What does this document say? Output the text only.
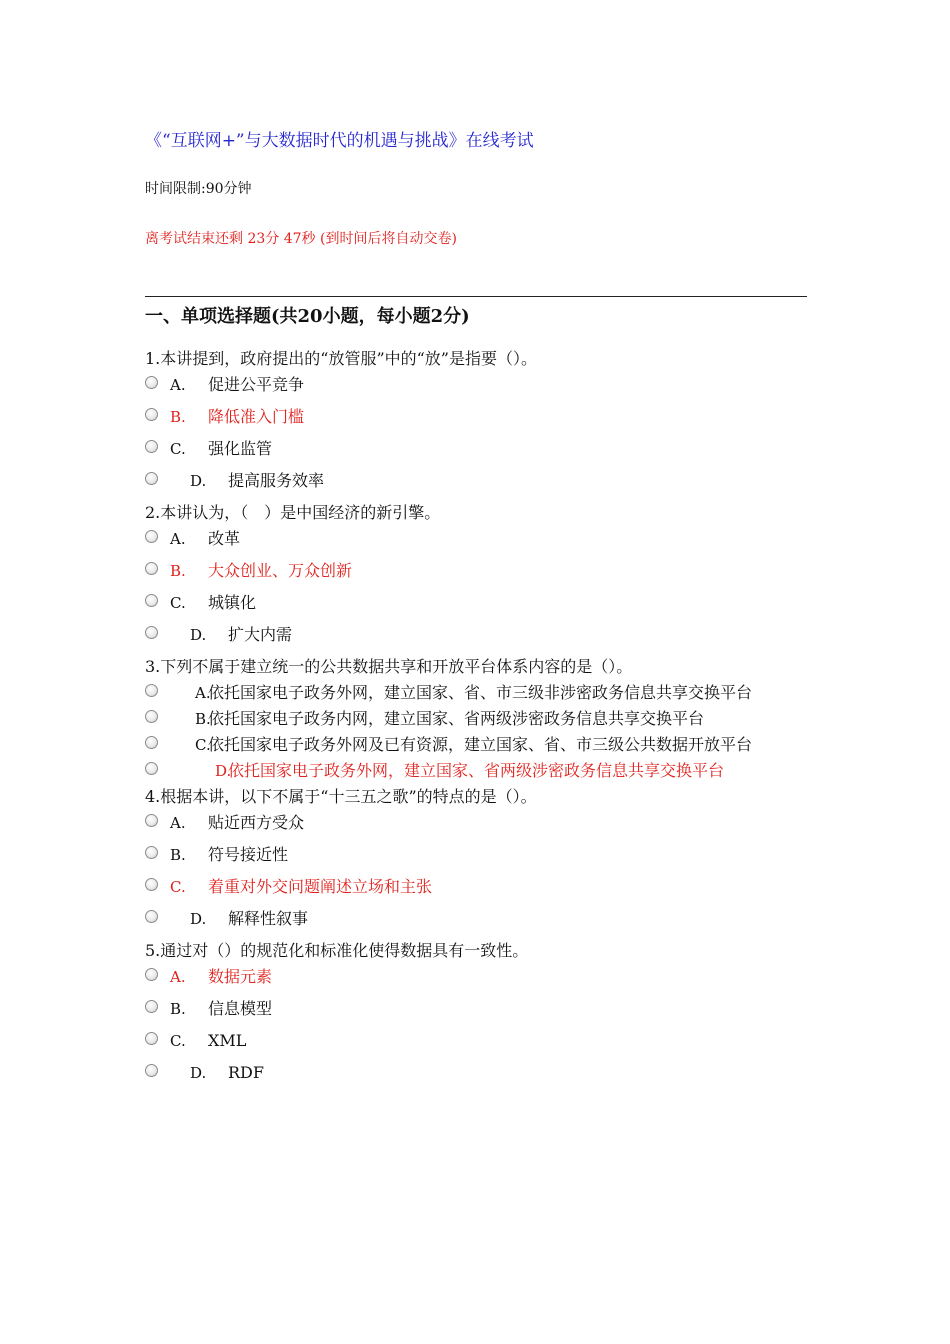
《“互联网+”与大数据时代的机遇与挑战》在线考试
时间限制:90分钟
离考试结束还剩 23分 47秒 (到时间后将自动交卷)
一、单项选择题(共20小题，每小题2分)
1.本讲提到，政府提出的“放管服”中的“放”是指要（）。
A. 促进公平竞争
B. 降低准入门槛
C. 强化监管
D. 提高服务效率
2.本讲认为，（　）是中国经济的新引擎。
A. 改革
B. 大众创业、万众创新
C. 城镇化
D. 扩大内需
3.下列不属于建立统一的公共数据共享和开放平台体系内容的是（）。
A.依托国家电子政务外网，建立国家、省、市三级非涉密政务信息共享交换平台
B.依托国家电子政务内网，建立国家、省两级涉密政务信息共享交换平台
C.依托国家电子政务外网及已有资源，建立国家、省、市三级公共数据开放平台
D.依托国家电子政务外网，建立国家、省两级涉密政务信息共享交换平台
4.根据本讲，以下不属于“十三五之歌”的特点的是（）。
A. 贴近西方受众
B. 符号接近性
C. 着重对外交问题阐述立场和主张
D. 解释性叙事
5.通过对（）的规范化和标准化使得数据具有一致性。
A. 数据元素
B. 信息模型
C. XML
D. RDF
